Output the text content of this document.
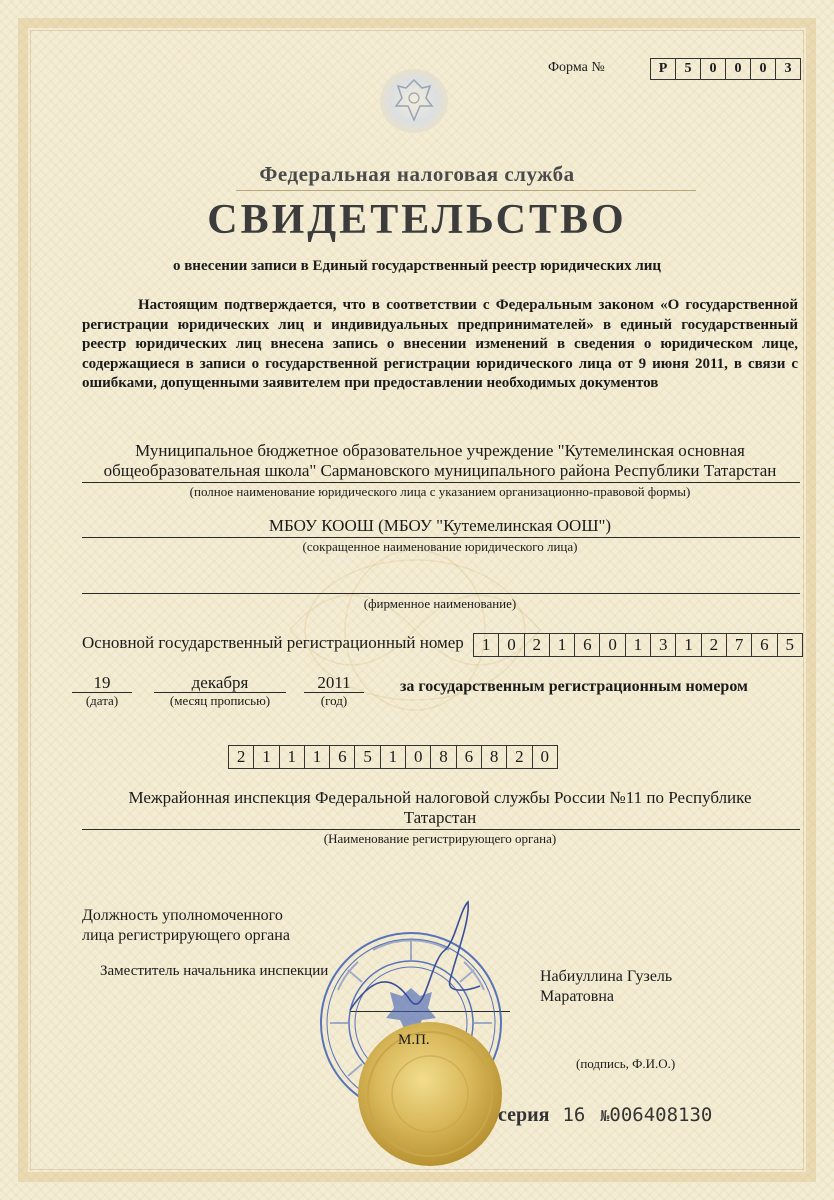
Форма №	Р	5	0	0	0	3
Федеральная налоговая служба
СВИДЕТЕЛЬСТВО
о внесении записи в Единый государственный реестр юридических лиц
Настоящим подтверждается, что в соответствии с Федеральным законом «О государственной регистрации юридических лиц и индивидуальных предпринимателей» в единый государственный реестр юридических лиц внесена запись о внесении изменений в сведения о юридическом лице, содержащиеся в записи о государственной регистрации юридического лица от 9 июня 2011, в связи с ошибками, допущенными заявителем при предоставлении необходимых документов
Муниципальное бюджетное образовательное учреждение "Кутемелинская основная
общеобразовательная школа" Сармановского муниципального района Республики Татарстан
(полное наименование юридического лица с указанием организационно-правовой формы)
МБОУ КООШ (МБОУ "Кутемелинская ООШ")
(сокращенное наименование юридического лица)
(фирменное наименование)
Основной государственный регистрационный номер	1 0 2 1 6 0 1 3 1 2 7 6 5
19
(дата)
декабря
(месяц прописью)
2011
(год)
за государственным регистрационным номером
2 1 1 1 6 5 1 0 8 6 8 2 0
Межрайонная инспекция Федеральной налоговой службы России №11 по Республике
Татарстан
(Наименование регистрирующего органа)
Должность уполномоченного
лица регистрирующего органа
Заместитель начальника инспекции	Набиуллина Гузель
Маратовна
М.П.
(подпись, Ф.И.О.)
серия 16 №006408130
